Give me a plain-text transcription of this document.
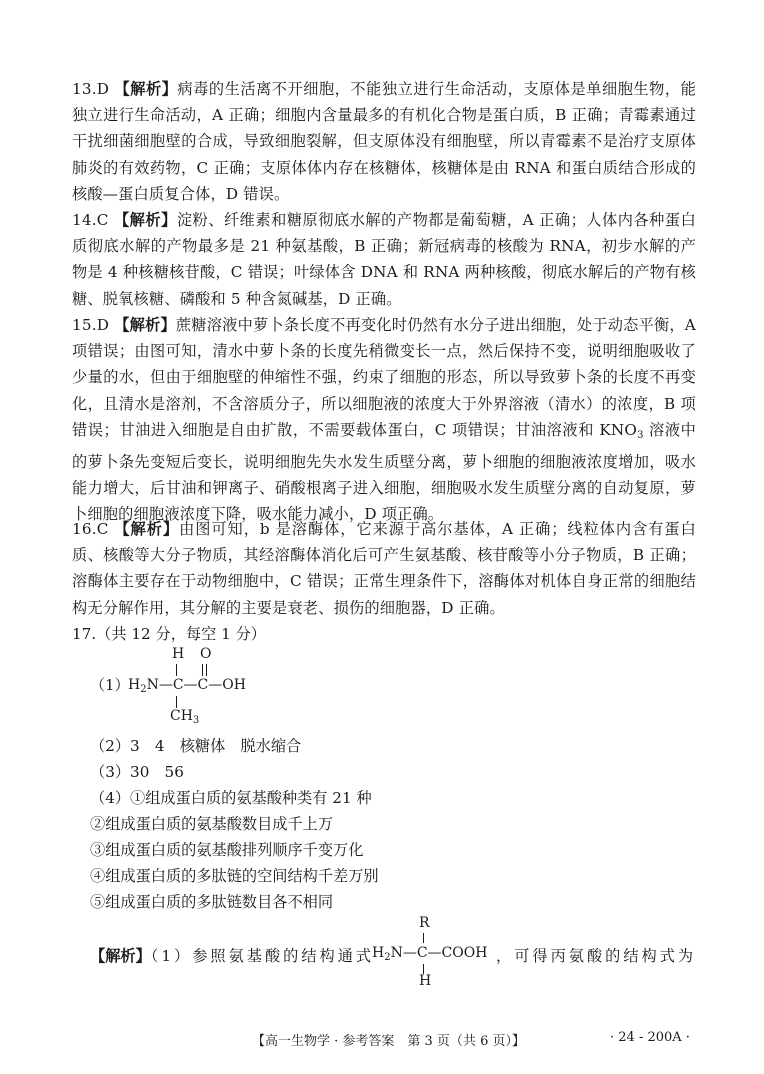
13.D 【解析】病毒的生活离不开细胞，不能独立进行生命活动，支原体是单细胞生物，能独立进行生命活动，A 正确；细胞内含量最多的有机化合物是蛋白质，B 正确；青霉素通过干扰细菌细胞壁的合成，导致细胞裂解，但支原体没有细胞壁，所以青霉素不是治疗支原体肺炎的有效药物，C 正确；支原体体内存在核糖体，核糖体是由 RNA 和蛋白质结合形成的核酸—蛋白质复合体，D 错误。
14.C 【解析】淀粉、纤维素和糖原彻底水解的产物都是葡萄糖，A 正确；人体内各种蛋白质彻底水解的产物最多是 21 种氨基酸，B 正确；新冠病毒的核酸为 RNA，初步水解的产物是 4 种核糖核苷酸，C 错误；叶绿体含 DNA 和 RNA 两种核酸，彻底水解后的产物有核糖、脱氧核糖、磷酸和 5 种含氮碱基，D 正确。
15.D 【解析】蔗糖溶液中萝卜条长度不再变化时仍然有水分子进出细胞，处于动态平衡，A 项错误；由图可知，清水中萝卜条的长度先稍微变长一点，然后保持不变，说明细胞吸收了少量的水，但由于细胞壁的伸缩性不强，约束了细胞的形态，所以导致萝卜条的长度不再变化，且清水是溶剂，不含溶质分子，所以细胞液的浓度大于外界溶液（清水）的浓度，B 项错误；甘油进入细胞是自由扩散，不需要载体蛋白，C 项错误；甘油溶液和 $KNO_3$ 溶液中的萝卜条先变短后变长，说明细胞先失水发生质壁分离，萝卜细胞的细胞液浓度增加，吸水能力增大，后甘油和钾离子、硝酸根离子进入细胞，细胞吸水发生质壁分离的自动复原，萝卜细胞的细胞液浓度下降，吸水能力减小，D 项正确。
16.C 【解析】由图可知，b 是溶酶体，它来源于高尔基体，A 正确；线粒体内含有蛋白质、核酸等大分子物质，其经溶酶体消化后可产生氨基酸、核苷酸等小分子物质，B 正确；溶酶体主要存在于动物细胞中，C 错误；正常生理条件下，溶酶体对机体自身正常的细胞结构无分解作用，其分解的主要是衰老、损伤的细胞器，D 正确。
17.（共 12 分，每空 1 分）
（1）
H O
$H_2N—C—C—OH$
$CH_3$
（2）3　4　核糖体　脱水缩合
（3）30　56
（4）①组成蛋白质的氨基酸种类有 21 种
②组成蛋白质的氨基酸数目成千上万
③组成蛋白质的氨基酸排列顺序千变万化
④组成蛋白质的多肽链的空间结构千差万别
⑤组成蛋白质的多肽链数目各不相同
【解析】（1）参照氨基酸的结构通式
R
$H_2N—C—COOH$
H
，可得丙氨酸的结构式为
【高一生物学 · 参考答案　第 3 页（共 6 页）】	· 24 - 200A ·
